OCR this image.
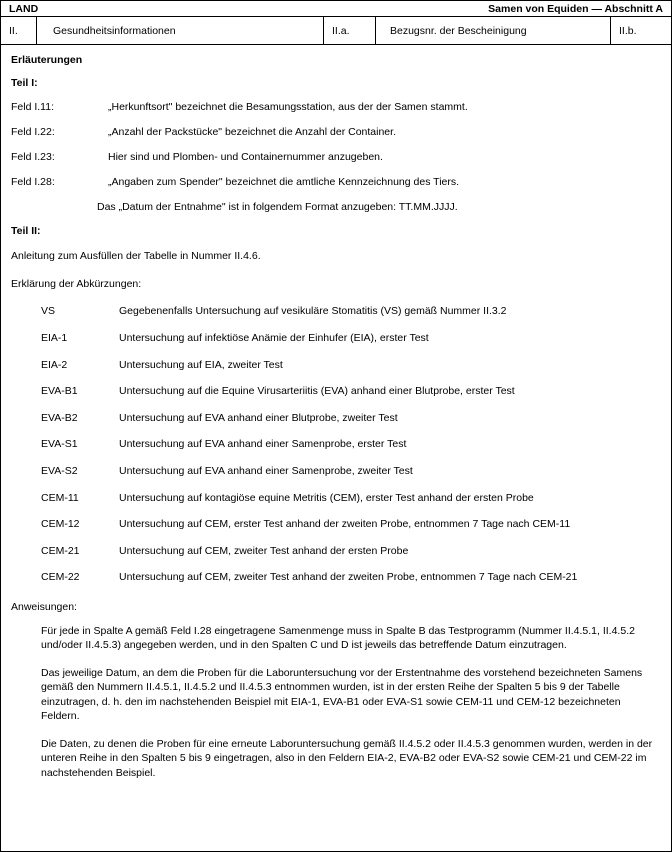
LAND	Samen von Equiden — Abschnitt A
II.	Gesundheitsinformationen	II.a.	Bezugsnr. der Bescheinigung	II.b.
Erläuterungen
Teil I:
Feld I.11:	„Herkunftsort" bezeichnet die Besamungsstation, aus der der Samen stammt.
Feld I.22:	„Anzahl der Packstücke" bezeichnet die Anzahl der Container.
Feld I.23:	Hier sind und Plomben- und Containernummer anzugeben.
Feld I.28:	„Angaben zum Spender" bezeichnet die amtliche Kennzeichnung des Tiers.
Das „Datum der Entnahme" ist in folgendem Format anzugeben: TT.MM.JJJJ.
Teil II:
Anleitung zum Ausfüllen der Tabelle in Nummer II.4.6.
Erklärung der Abkürzungen:
VS	Gegebenenfalls Untersuchung auf vesikuläre Stomatitis (VS) gemäß Nummer II.3.2
EIA-1	Untersuchung auf infektiöse Anämie der Einhufer (EIA), erster Test
EIA-2	Untersuchung auf EIA, zweiter Test
EVA-B1	Untersuchung auf die Equine Virusarteriitis (EVA) anhand einer Blutprobe, erster Test
EVA-B2	Untersuchung auf EVA anhand einer Blutprobe, zweiter Test
EVA-S1	Untersuchung auf EVA anhand einer Samenprobe, erster Test
EVA-S2	Untersuchung auf EVA anhand einer Samenprobe, zweiter Test
CEM-11	Untersuchung auf kontagiöse equine Metritis (CEM), erster Test anhand der ersten Probe
CEM-12	Untersuchung auf CEM, erster Test anhand der zweiten Probe, entnommen 7 Tage nach CEM-11
CEM-21	Untersuchung auf CEM, zweiter Test anhand der ersten Probe
CEM-22	Untersuchung auf CEM, zweiter Test anhand der zweiten Probe, entnommen 7 Tage nach CEM-21
Anweisungen:
Für jede in Spalte A gemäß Feld I.28 eingetragene Samenmenge muss in Spalte B das Testprogramm (Nummer II.4.5.1, II.4.5.2 und/oder II.4.5.3) angegeben werden, und in den Spalten C und D ist jeweils das betreffende Datum einzutragen.
Das jeweilige Datum, an dem die Proben für die Laboruntersuchung vor der Erstentnahme des vorstehend bezeichneten Samens gemäß den Nummern II.4.5.1, II.4.5.2 und II.4.5.3 entnommen wurden, ist in der ersten Reihe der Spalten 5 bis 9 der Tabelle einzutragen, d. h. den im nachstehenden Beispiel mit EIA-1, EVA-B1 oder EVA-S1 sowie CEM-11 und CEM-12 bezeichneten Feldern.
Die Daten, zu denen die Proben für eine erneute Laboruntersuchung gemäß II.4.5.2 oder II.4.5.3 genommen wurden, werden in der unteren Reihe in den Spalten 5 bis 9 eingetragen, also in den Feldern EIA-2, EVA-B2 oder EVA-S2 sowie CEM-21 und CEM-22 im nachstehenden Beispiel.
